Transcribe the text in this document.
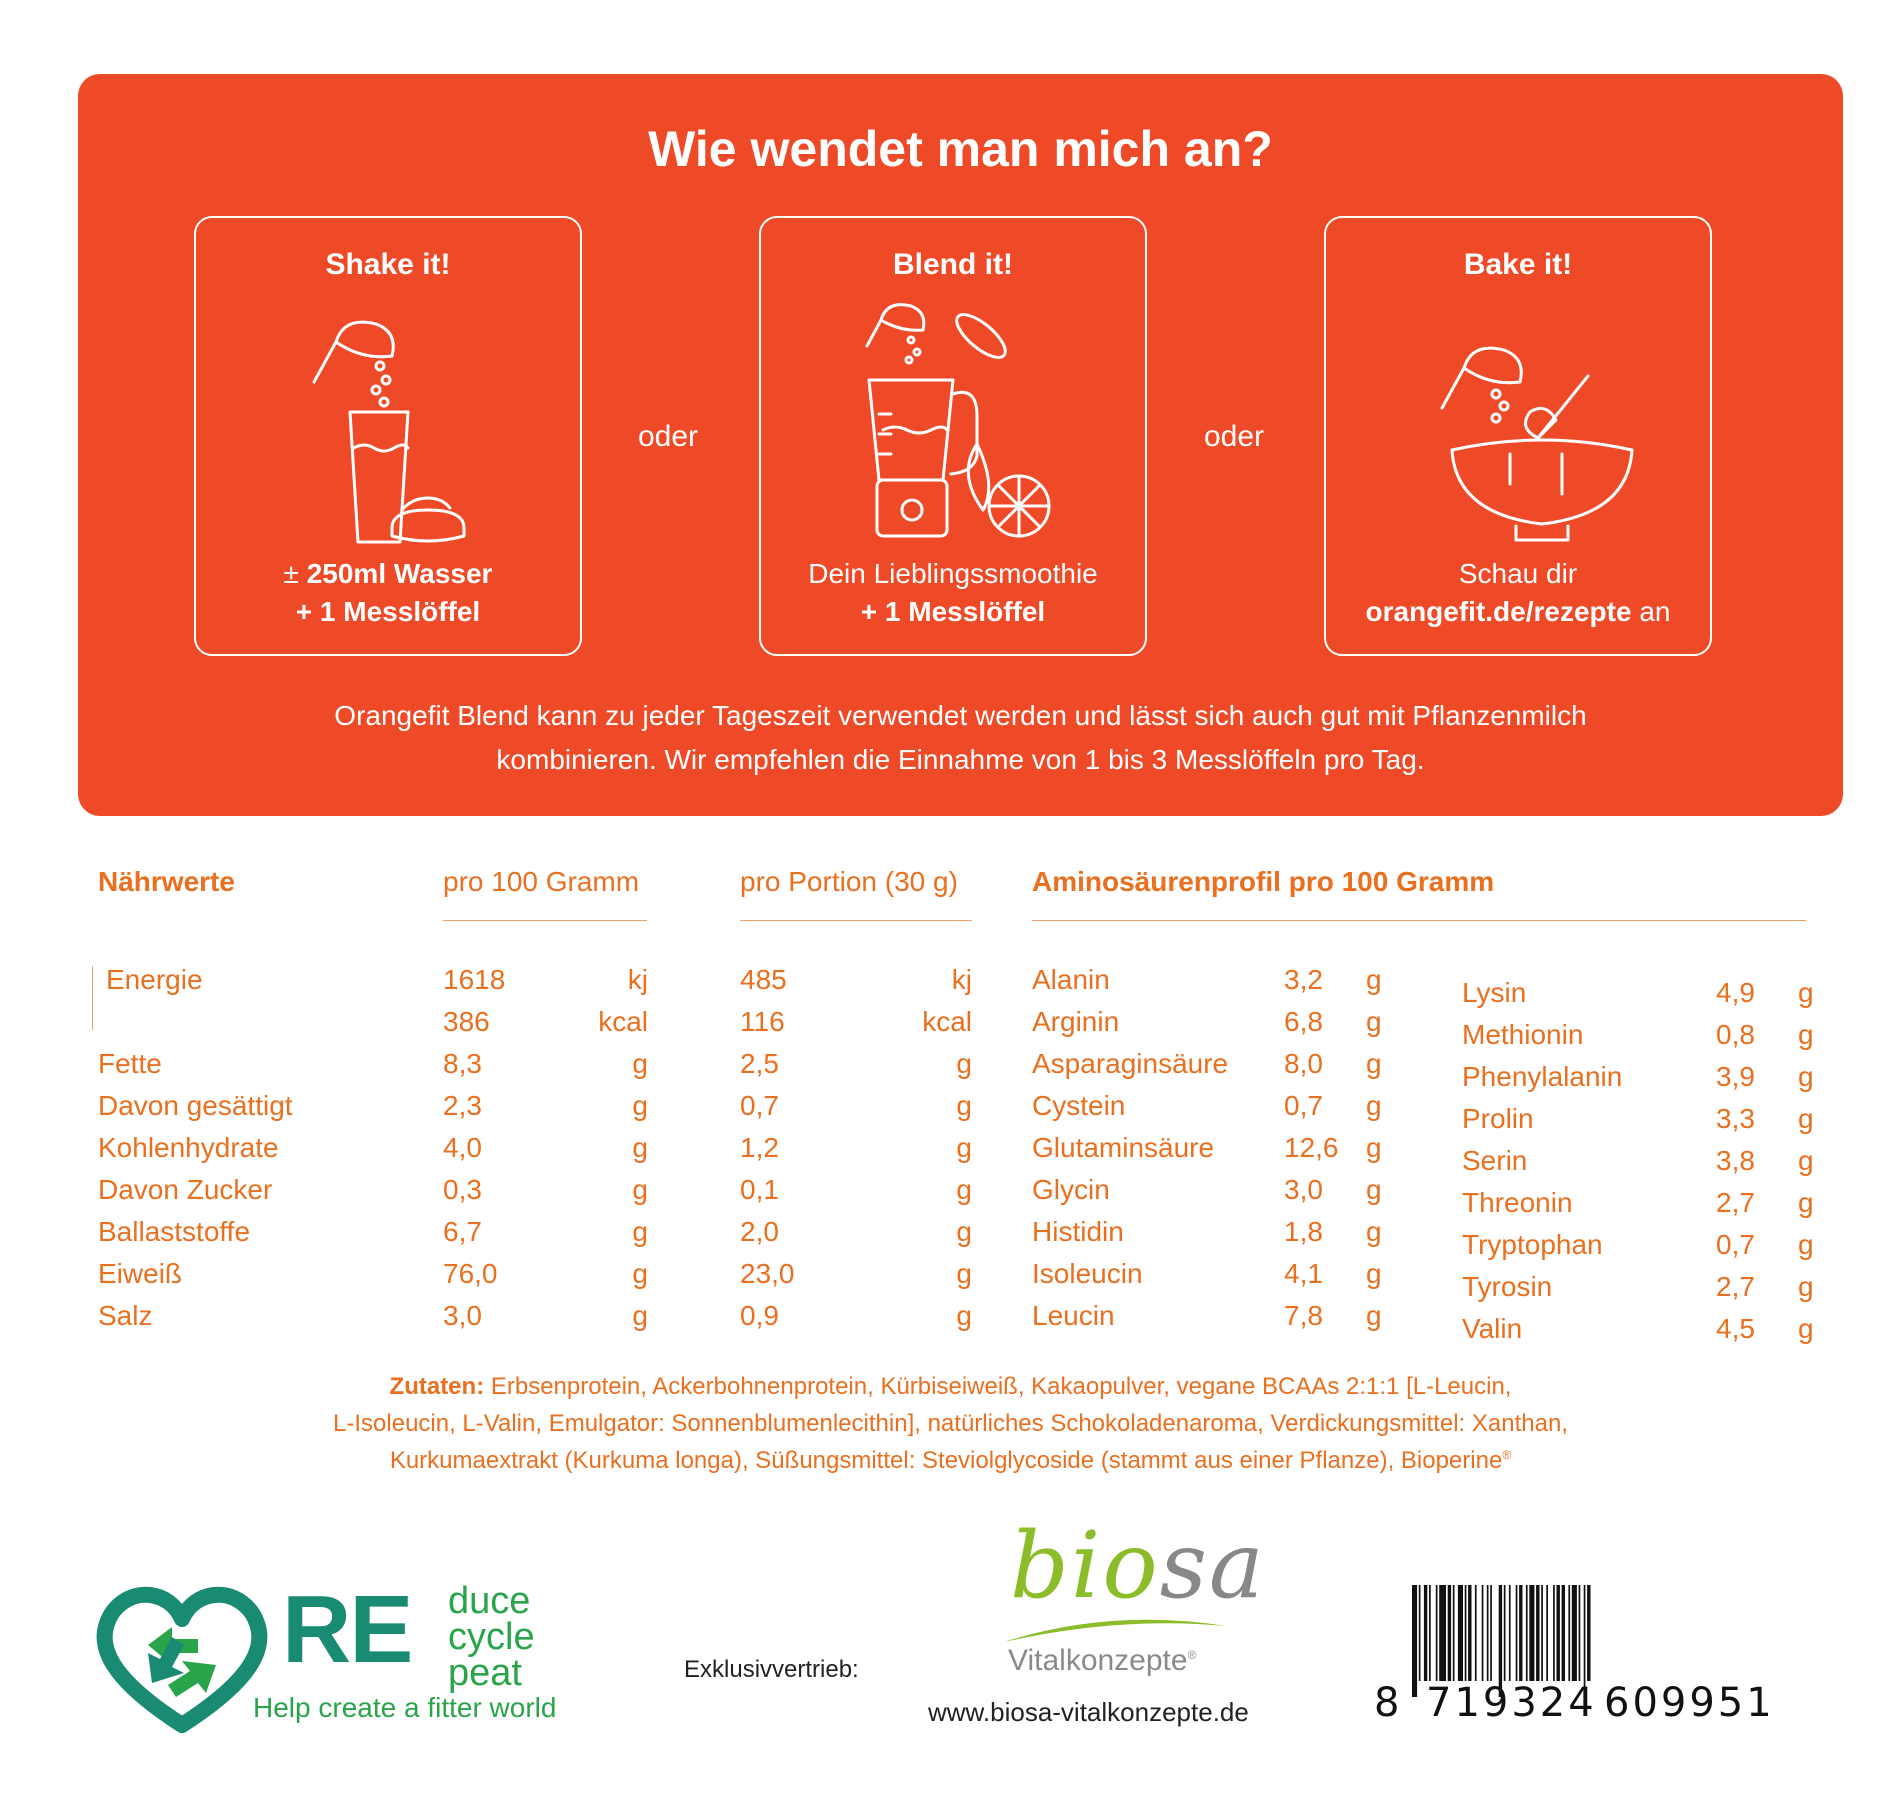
Wie wendet man mich an?
Shake it!
± 250ml Wasser
+ 1 Messlöffel
oder
Blend it!
Dein Lieblingssmoothie
+ 1 Messlöffel
oder
Bake it!
Schau dir
orangefit.de/rezepte an
Orangefit Blend kann zu jeder Tageszeit verwendet werden und lässt sich auch gut mit Pflanzenmilch
kombinieren. Wir empfehlen die Einnahme von 1 bis 3 Messlöffeln pro Tag.
Nährwerte	pro 100 Gramm	pro Portion (30 g)	Aminosäurenprofil pro 100 Gramm
Energie	1618	kj	485	kj
386	kcal	116	kcal
Fette	8,3	g	2,5	g
Davon gesättigt	2,3	g	0,7	g
Kohlenhydrate	4,0	g	1,2	g
Davon Zucker	0,3	g	0,1	g
Ballaststoffe	6,7	g	2,0	g
Eiweiß	76,0	g	23,0	g
Salz	3,0	g	0,9	g
Alanin	3,2 g
Arginin	6,8 g
Asparaginsäure 8,0 g
Cystein	0,7 g
Glutaminsäure 12,6 g
Glycin	3,0 g
Histidin	1,8 g
Isoleucin	4,1 g
Leucin	7,8 g
Lysin	4,9 g
Methionin	0,8 g
Phenylalanin	3,9 g
Prolin	3,3 g
Serin	3,8 g
Threonin	2,7 g
Tryptophan	0,7 g
Tyrosin	2,7 g
Valin	4,5 g
Zutaten: Erbsenprotein, Ackerbohnenprotein, Kürbiseiweiß, Kakaopulver, vegane BCAAs 2:1:1 [L-Leucin,
L-Isoleucin, L-Valin, Emulgator: Sonnenblumenlecithin], natürliches Schokoladenaroma, Verdickungsmittel: Xanthan,
Kurkumaextrakt (Kurkuma longa), Süßungsmittel: Steviolglycoside (stammt aus einer Pflanze), Bioperine®
RE duce
cycle
peat
Help create a fitter world
Exklusivvertrieb:
biosa
Vitalkonzepte®
www.biosa-vitalkonzepte.de	8 719324 609951
